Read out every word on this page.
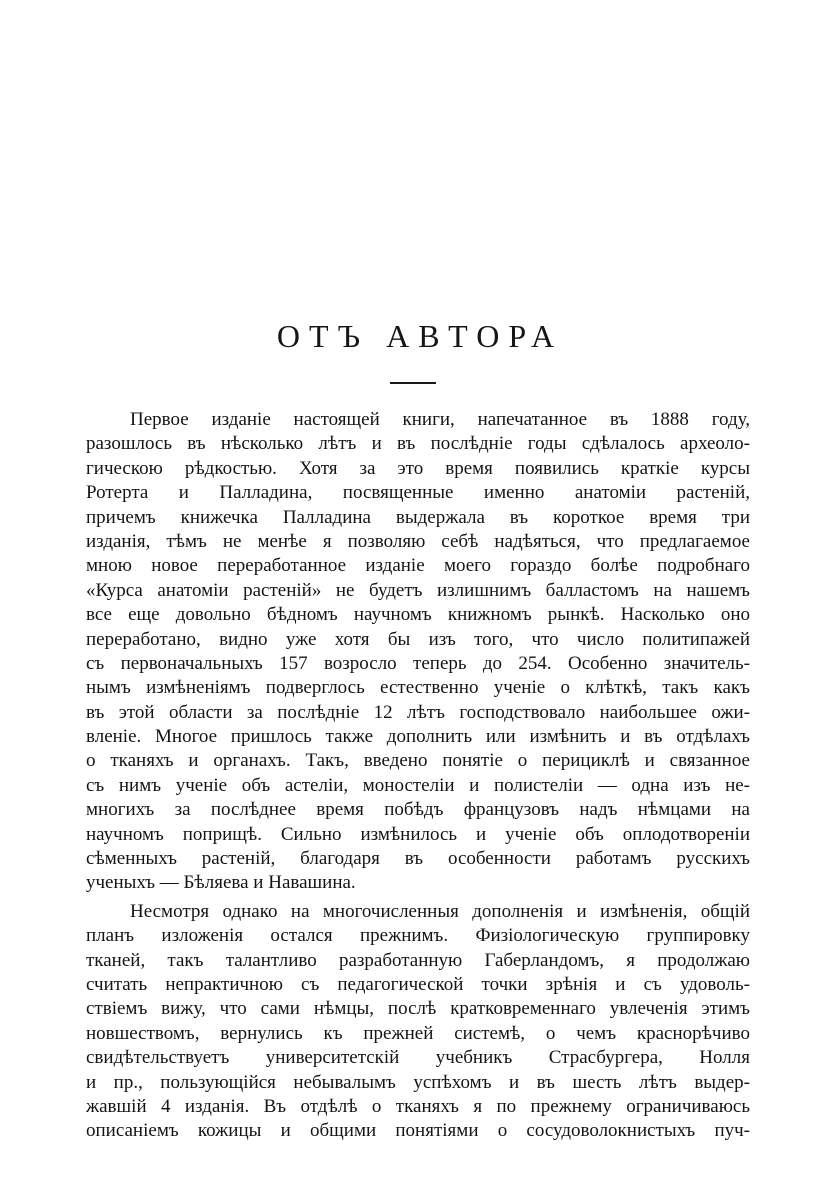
ОТЪ АВТОРА
Первое изданіе настоящей книги, напечатанное въ 1888 году,
разошлось въ нѣсколько лѣтъ и въ послѣдніе годы сдѣлалось археоло-
гическою рѣдкостью. Хотя за это время появились краткіе курсы
Ротерта и Палладина, посвященные именно анатоміи растеній,
причемъ книжечка Палладина выдержала въ короткое время три
изданія, тѣмъ не менѣе я позволяю себѣ надѣяться, что предлагаемое
мною новое переработанное изданіе моего гораздо болѣе подробнаго
«Курса анатоміи растеній» не будетъ излишнимъ балластомъ на нашемъ
все еще довольно бѣдномъ научномъ книжномъ рынкѣ. Насколько оно
переработано, видно уже хотя бы изъ того, что число политипажей
съ первоначальныхъ 157 возросло теперь до 254. Особенно значитель-
нымъ измѣненіямъ подверглось естественно ученіе о клѣткѣ, такъ какъ
въ этой области за послѣдніе 12 лѣтъ господствовало наибольшее ожи-
вленіе. Многое пришлось также дополнить или измѣнить и въ отдѣлахъ
о тканяхъ и органахъ. Такъ, введено понятіе о перициклѣ и связанное
съ нимъ ученіе объ астеліи, моностеліи и полистеліи — одна изъ не-
многихъ за послѣднее время побѣдъ французовъ надъ нѣмцами на
научномъ поприщѣ. Сильно измѣнилось и ученіе объ оплодотвореніи
сѣменныхъ растеній, благодаря въ особенности работамъ русскихъ
ученыхъ — Бѣляева и Навашина.
Несмотря однако на многочисленныя дополненія и измѣненія, общій
планъ изложенія остался прежнимъ. Физіологическую группировку
тканей, такъ талантливо разработанную Габерландомъ, я продолжаю
считать непрактичною съ педагогической точки зрѣнія и съ удоволь-
ствіемъ вижу, что сами нѣмцы, послѣ кратковременнаго увлеченія этимъ
новшествомъ, вернулись къ прежней системѣ, о чемъ краснорѣчиво
свидѣтельствуетъ университетскій учебникъ Страсбургера, Нолля
и пр., пользующійся небывалымъ успѣхомъ и въ шесть лѣтъ выдер-
жавшій 4 изданія. Въ отдѣлѣ о тканяхъ я по прежнему ограничиваюсь
описаніемъ кожицы и общими понятіями о сосудоволокнистыхъ пуч-
